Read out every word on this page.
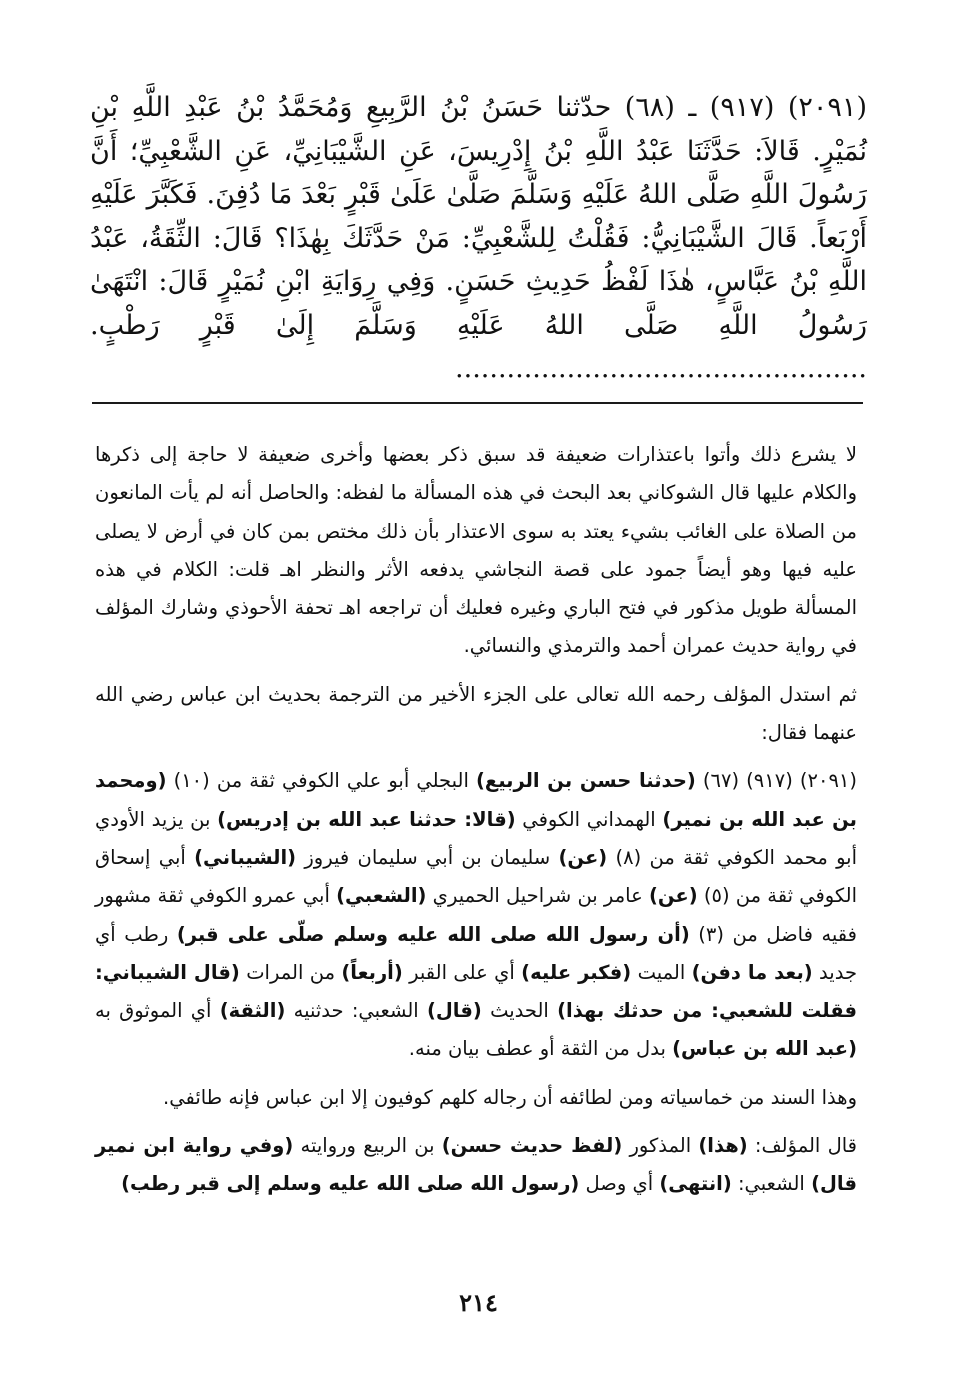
(٢٠٩١) (٩١٧) ـ (٦٨) حدّثنا حَسَنُ بْنُ الرَّبِيعِ وَمُحَمَّدُ بْنُ عَبْدِ اللَّهِ بْنِ نُمَيْرٍ. قَالاَ: حَدَّثَنَا عَبْدُ اللَّهِ بْنُ إِدْرِيسَ، عَنِ الشَّيْبَانِيِّ، عَنِ الشَّعْبِيِّ؛ أَنَّ رَسُولَ اللَّهِ صَلَّى اللهُ عَلَيْهِ وَسَلَّمَ صَلَّىٰ عَلَىٰ قَبْرٍ بَعْدَ مَا دُفِنَ. فَكَبَّرَ عَلَيْهِ أَرْبَعاً. قَالَ الشَّيْبَانِيُّ: فَقُلْتُ لِلشَّعْبِيِّ: مَنْ حَدَّثَكَ بِهٰذَا؟ قَالَ: الثِّقَةُ، عَبْدُ اللَّهِ بْنُ عَبَّاسٍ، هٰذَا لَفْظُ حَدِيثِ حَسَنٍ. وَفِي رِوَايَةِ ابْنِ نُمَيْرٍ قَالَ: انْتَهَىٰ رَسُولُ اللَّهِ صَلَّى اللهُ عَلَيْهِ وَسَلَّمَ إِلَىٰ قَبْرٍ رَطْبٍ. ................................................

لا يشرع ذلك وأتوا باعتذارات ضعيفة قد سبق ذكر بعضها وأخرى ضعيفة لا حاجة إلى ذكرها والكلام عليها قال الشوكاني بعد البحث في هذه المسألة ما لفظه: والحاصل أنه لم يأت المانعون من الصلاة على الغائب بشيء يعتد به سوى الاعتذار بأن ذلك مختص بمن كان في أرض لا يصلى عليه فيها وهو أيضاً جمود على قصة النجاشي يدفعه الأثر والنظر اهـ قلت: الكلام في هذه المسألة طويل مذكور في فتح الباري وغيره فعليك أن تراجعه اهـ تحفة الأحوذي وشارك المؤلف في رواية حديث عمران أحمد والترمذي والنسائي.

ثم استدل المؤلف رحمه الله تعالى على الجزء الأخير من الترجمة بحديث ابن عباس رضي الله عنهما فقال:

(٢٠٩١) (٩١٧) (٦٧) (حدثنا حسن بن الربيع) البجلي أبو علي الكوفي ثقة من (١٠) (ومحمد بن عبد الله بن نمير) الهمداني الكوفي (قالا: حدثنا عبد الله بن إدريس) بن يزيد الأودي أبو محمد الكوفي ثقة من (٨) (عن) سليمان بن أبي سليمان فيروز (الشيباني) أبي إسحاق الكوفي ثقة من (٥) (عن) عامر بن شراحيل الحميري (الشعبي) أبي عمرو الكوفي ثقة مشهور فقيه فاضل من (٣) (أن رسول الله صلى الله عليه وسلم صلّى على قبر) رطب أي جديد (بعد ما دفن) الميت (فكبر عليه) أي على القبر (أربعاً) من المرات (قال الشيباني: فقلت للشعبي: من حدثك بهذا) الحديث (قال) الشعبي: حدثنيه (الثقة) أي الموثوق به (عبد الله بن عباس) بدل من الثقة أو عطف بيان منه.

وهذا السند من خماسياته ومن لطائفه أن رجاله كلهم كوفيون إلا ابن عباس فإنه طائفي.

قال المؤلف: (هذا) المذكور (لفظ حديث حسن) بن الربيع وروايته (وفي رواية ابن نمير قال) الشعبي: (انتهى) أي وصل (رسول الله صلى الله عليه وسلم إلى قبر رطب)

٢١٤
